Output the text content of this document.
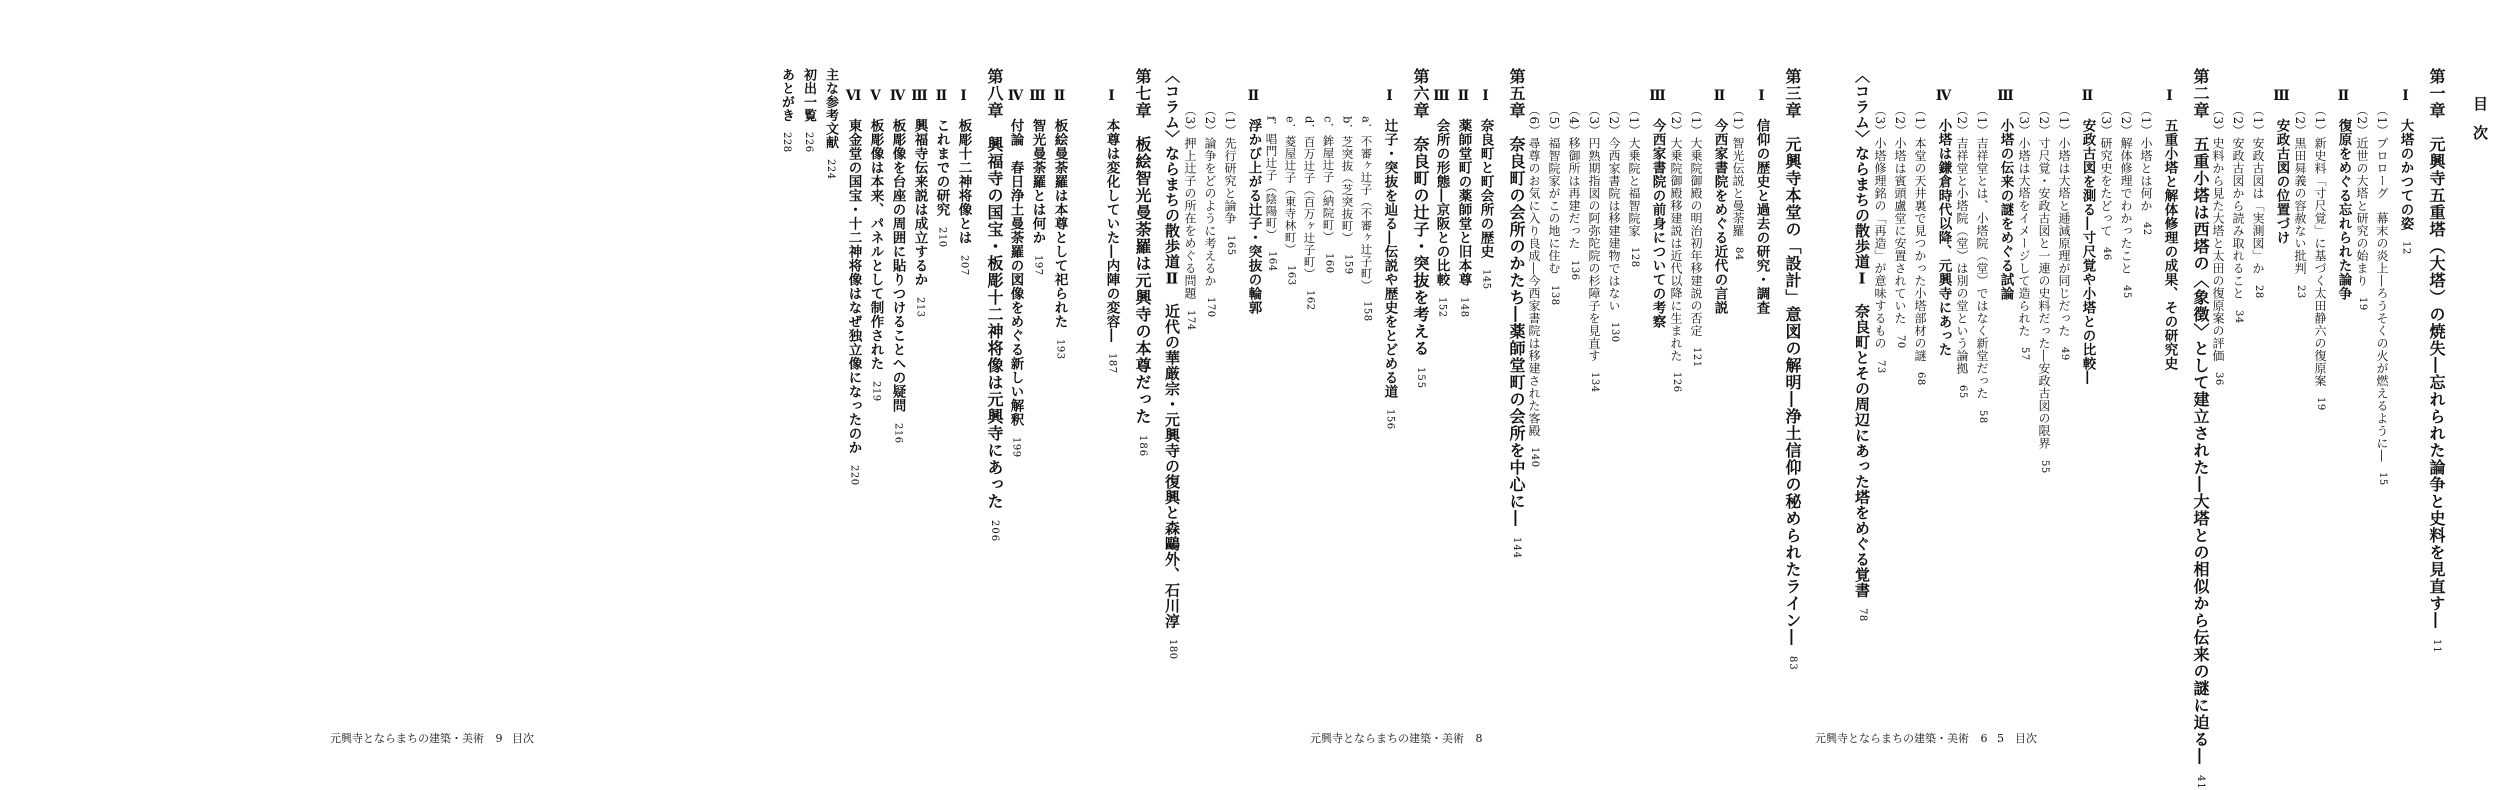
目次
第一章　元興寺五重塔（大塔）の焼失―忘れられた論争と史料を見直す―11
Ⅰ　大塔のかつての姿12
（1）プロローグ　幕末の炎上―ろうそくの火が燃えるように―15
（2）近世の大塔と研究の始まり19
Ⅱ　復原をめぐる忘れられた論争
（1）新史料「寸尺覚」に基づく太田静六の復原案19
（2）黒田曻義の容赦ない批判23
Ⅲ　安政古図の位置づけ
（1）安政古図は「実測図」か28
（2）安政古図から読み取れること34
（3）史料から見た大塔と太田の復原案の評価36
第二章　五重小塔は西塔の〈象徴〉として建立された―大塔との相似から伝来の謎に迫る―41
Ⅰ　五重小塔と解体修理の成果、その研究史
（1）小塔とは何か42
（2）解体修理でわかったこと45
（3）研究史をたどって46
Ⅱ　安政古図を測る―寸尺覚や小塔との比較―
（1）小塔は大塔と逓減原理が同じだった49
（2）寸尺覚・安政古図と一連の史料だった―安政古図の限界55
（3）小塔は大塔をイメージして造られた57
Ⅲ　小塔の伝来の謎をめぐる試論
（1）吉祥堂とは、小塔院（堂）ではなく新堂だった58
（2）吉祥堂と小塔院（堂）は別の堂という論拠65
Ⅳ　小塔は鎌倉時代以降、元興寺にあった
（1）本堂の天井裏で見つかった小塔部材の謎68
（2）小塔は賓頭盧堂に安置されていた70
（3）小塔修理銘の「再造」が意味するもの73
〈コラム〉ならまちの散歩道Ⅰ　奈良町とその周辺にあった塔をめぐる覚書78
第三章　元興寺本堂の「設計」意図の解明―浄土信仰の秘められたライン―83
Ⅰ　信仰の歴史と過去の研究・調査
（1）智光伝説と曼荼羅84
Ⅱ　今西家書院をめぐる近代の言説
（1）大乗院御殿の明治初年移建説の否定121
（2）大乗院御殿移建説は近代以降に生まれた126
Ⅲ　今西家書院の前身についての考察
（1）大乗院と福智院家128
（2）今西家書院は移建建物ではない130
（3）円熟期指図の阿弥陀院の杉障子を見直す134
（4）移御所は再建だった136
（5）福智院家がこの地に住む138
（6）尋尊のお気に入り良成―今西家書院は移建された客殿140
第五章　奈良町の会所のかたち―薬師堂町の会所を中心に―144
Ⅰ　奈良町と町会所の歴史145
Ⅱ　薬師堂町の薬師堂と旧本尊148
Ⅲ　会所の形態―京阪との比較152
第六章　奈良町の辻子・突抜を考える155
Ⅰ　辻子・突抜を辿る―伝説や歴史をとどめる道156
a．不審ヶ辻子（不審ヶ辻子町）158
b．芝突抜（芝突抜町）159
c．鉾屋辻子（納院町）160
d．百万辻子（百万ヶ辻子町）162
e．菱屋辻子（東寺林町）163
f．唱門辻子（陰陽町）164
Ⅱ　浮かび上がる辻子・突抜の輪郭
（1）先行研究と論争165
（2）論争をどのように考えるか170
（3）押上辻子の所在をめぐる問題174
〈コラム〉ならまちの散歩道Ⅱ　近代の華厳宗・元興寺の復興と森鷗外、石川淳180
第七章　板絵智光曼荼羅は元興寺の本尊だった186
Ⅰ　本尊は変化していた―内陣の変容―187
Ⅱ　板絵曼荼羅は本尊として祀られた193
Ⅲ　智光曼荼羅とは何か197
Ⅳ　付論　春日浄土曼荼羅の図像をめぐる新しい解釈199
第八章　興福寺の国宝・板彫十二神将像は元興寺にあった206
Ⅰ　板彫十二神将像とは207
Ⅱ　これまでの研究210
Ⅲ　興福寺伝来説は成立するか213
Ⅳ　板彫像を台座の周囲に貼りつけることへの疑問216
Ⅴ　板彫像は本来、パネルとして制作された219
Ⅵ　東金堂の国宝・十二神将像はなぜ独立像になったのか220
主な参考文献224
初出一覧226
あとがき228
元興寺とならまちの建築・美術 9 目次	元興寺とならまちの建築・美術 8	元興寺とならまちの建築・美術 6 5　目次
